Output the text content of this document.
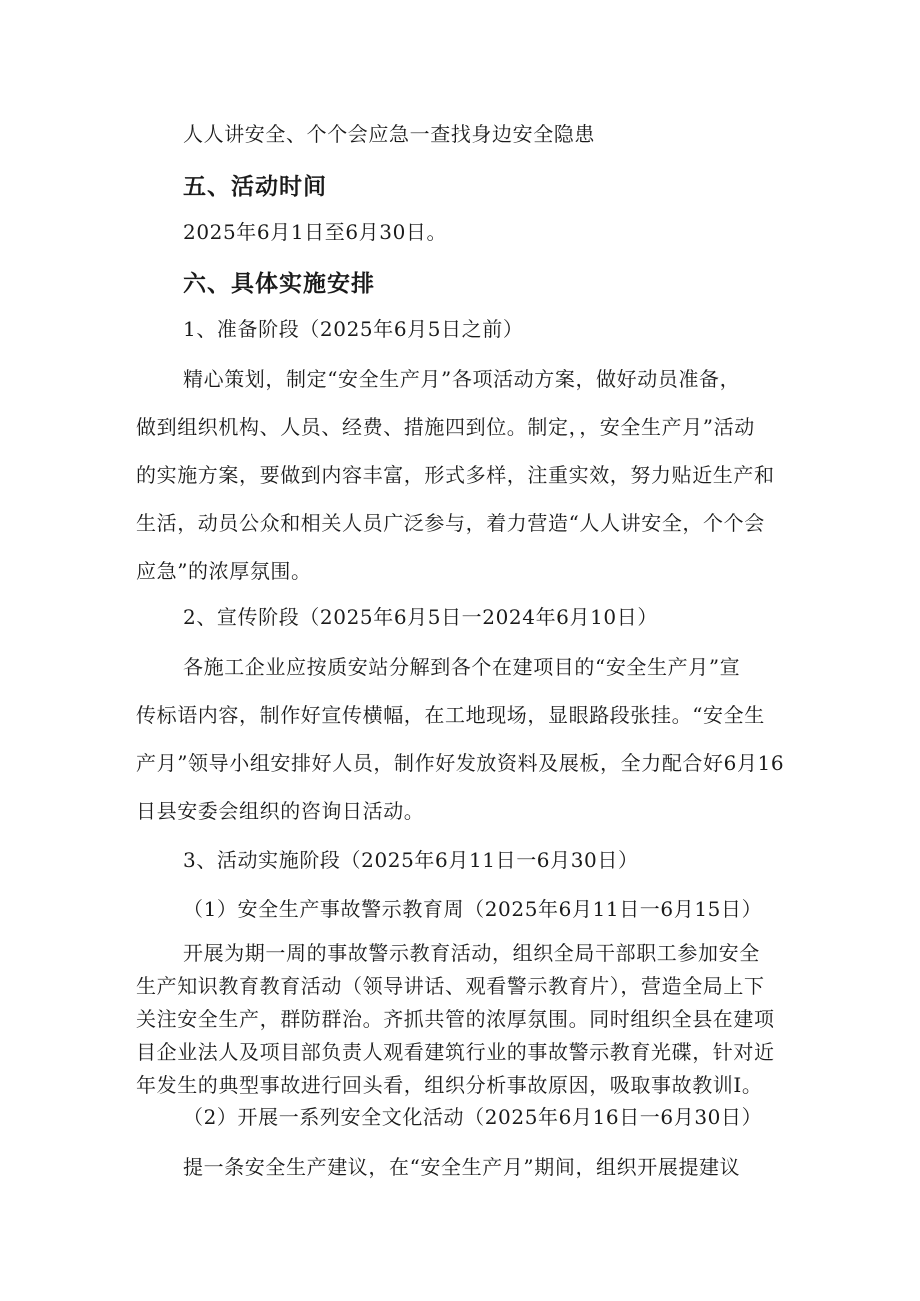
人人讲安全、个个会应急一查找身边安全隐患

五、活动时间

2025年6月1日至6月30日。

六、具体实施安排

1、准备阶段（2025年6月5日之前）

精心策划，制定“安全生产月”各项活动方案，做好动员准备，
做到组织机构、人员、经费、措施四到位。制定，，安全生产月”活动
的实施方案，要做到内容丰富，形式多样，注重实效，努力贴近生产和
生活，动员公众和相关人员广泛参与，着力营造“人人讲安全，个个会
应急”的浓厚氛围。

2、宣传阶段（2025年6月5日一2024年6月10日）

各施工企业应按质安站分解到各个在建项目的“安全生产月”宣
传标语内容，制作好宣传横幅，在工地现场，显眼路段张挂。“安全生
产月”领导小组安排好人员，制作好发放资料及展板，全力配合好6月16
日县安委会组织的咨询日活动。

3、活动实施阶段（2025年6月11日一6月30日）

（1）安全生产事故警示教育周（2025年6月11日一6月15日）

开展为期一周的事故警示教育活动，组织全局干部职工参加安全
生产知识教育教育活动（领导讲话、观看警示教育片），营造全局上下
关注安全生产，群防群治。齐抓共管的浓厚氛围。同时组织全县在建项
目企业法人及项目部负责人观看建筑行业的事故警示教育光碟，针对近
年发生的典型事故进行回头看，组织分析事故原因，吸取事故教训I。

（2）开展一系列安全文化活动（2025年6月16日一6月30日）

提一条安全生产建议，在“安全生产月”期间，组织开展提建议
